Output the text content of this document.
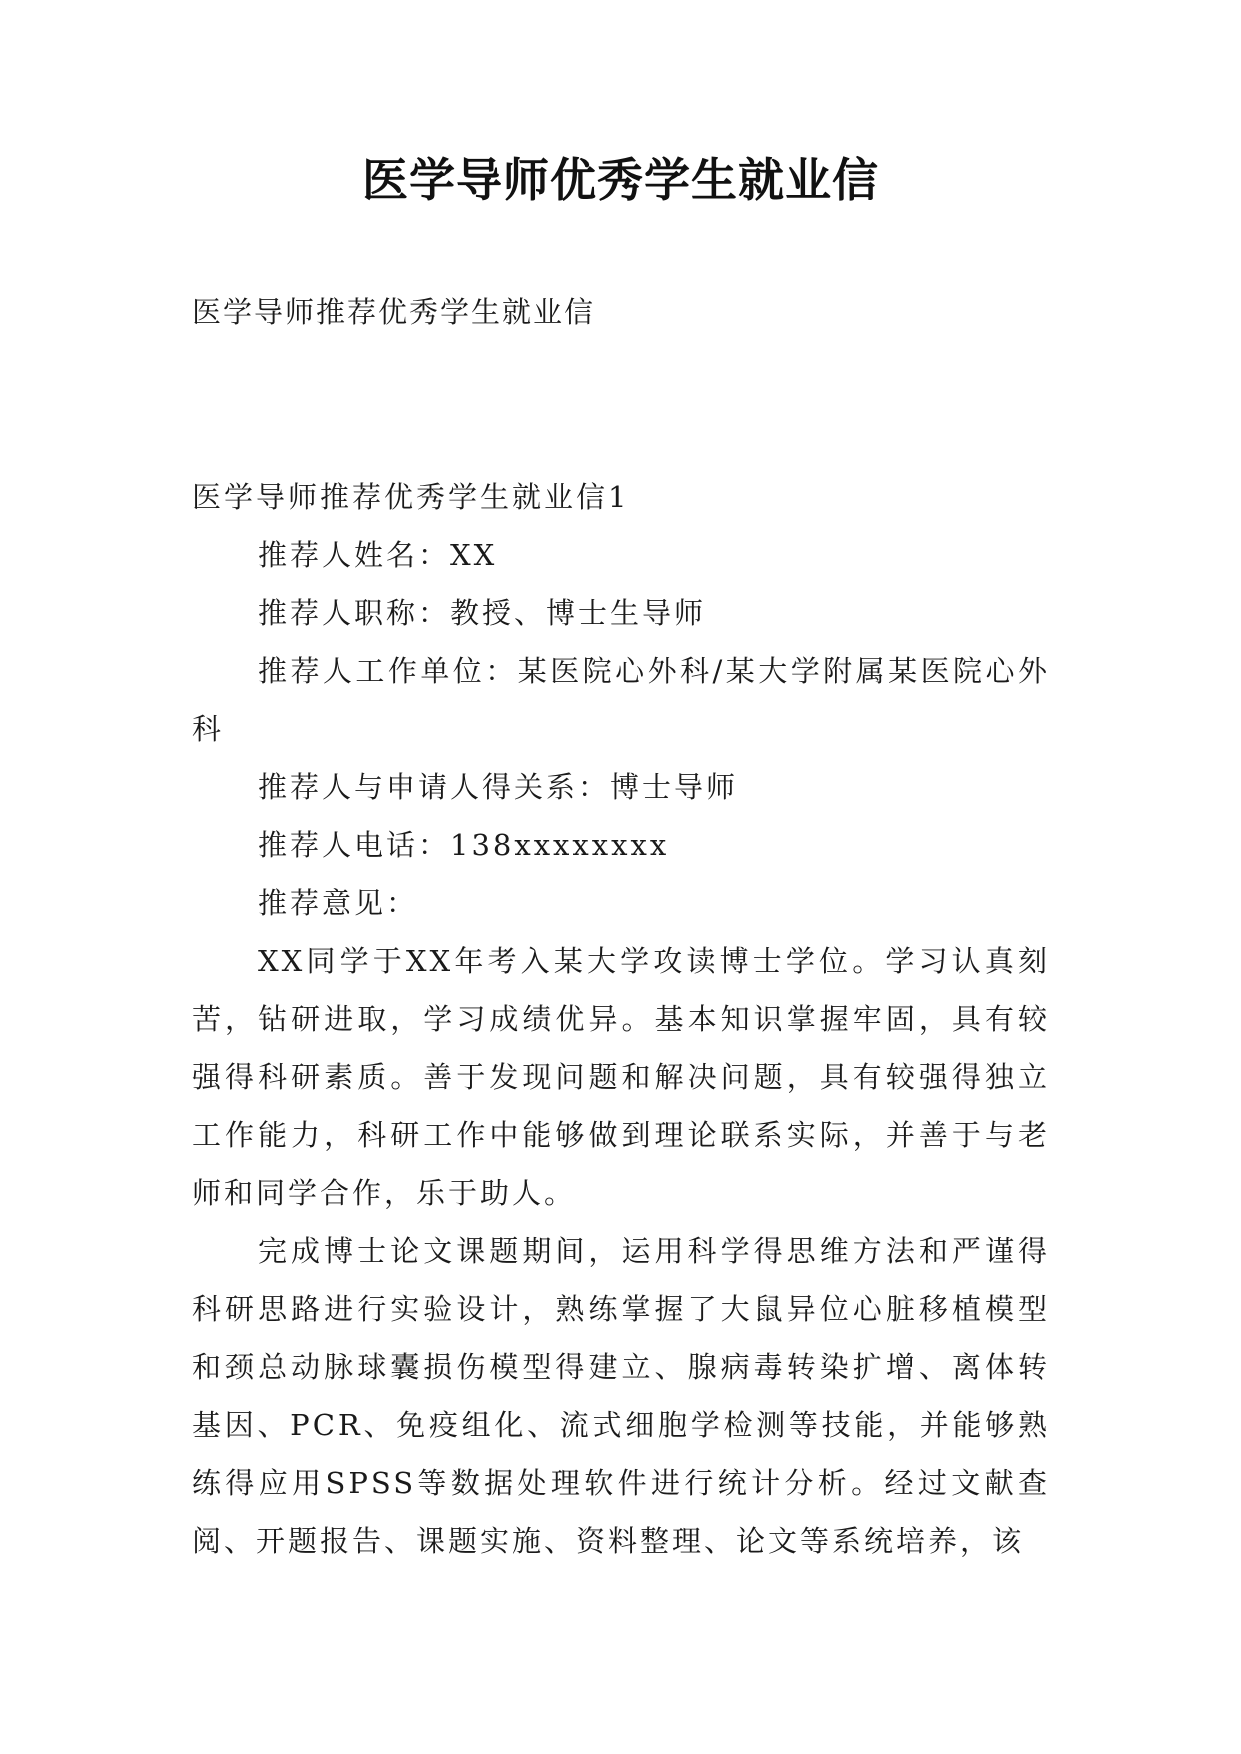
医学导师优秀学生就业信

医学导师推荐优秀学生就业信

医学导师推荐优秀学生就业信1

推荐人姓名：XX

推荐人职称：教授、博士生导师

推荐人工作单位：某医院心外科/某大学附属某医院心外科

推荐人与申请人得关系：博士导师

推荐人电话：138xxxxxxxx

推荐意见：

XX同学于XX年考入某大学攻读博士学位。学习认真刻苦，钻研进取，学习成绩优异。基本知识掌握牢固，具有较强得科研素质。善于发现问题和解决问题，具有较强得独立工作能力，科研工作中能够做到理论联系实际，并善于与老师和同学合作，乐于助人。

完成博士论文课题期间，运用科学得思维方法和严谨得科研思路进行实验设计，熟练掌握了大鼠异位心脏移植模型和颈总动脉球囊损伤模型得建立、腺病毒转染扩增、离体转基因、PCR、免疫组化、流式细胞学检测等技能，并能够熟练得应用SPSS等数据处理软件进行统计分析。经过文献查阅、开题报告、课题实施、资料整理、论文等系统培养，该
